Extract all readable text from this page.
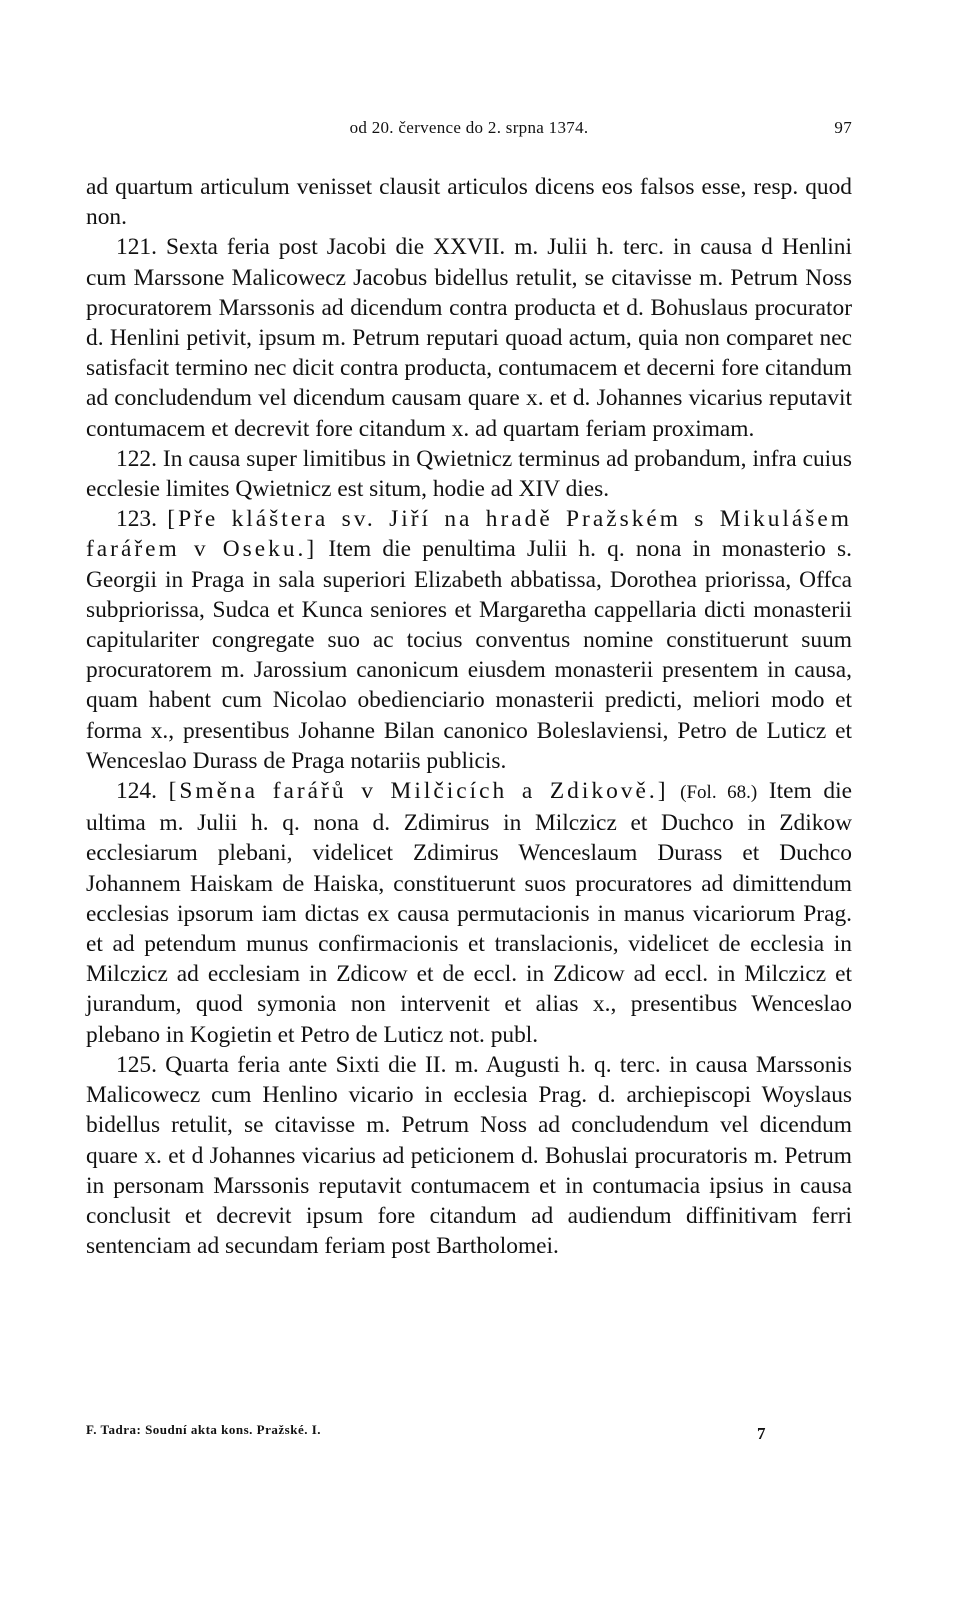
od 20. července do 2. srpna 1374.	97

ad quartum articulum venisset clausit articulos dicens eos falsos esse, resp. quod non.

121. Sexta feria post Jacobi die XXVII. m. Julii h. terc. in causa d Henlini cum Marssone Malicowecz Jacobus bidellus retulit, se citavisse m. Petrum Noss procuratorem Marssonis ad dicendum contra producta et d. Bohuslaus procurator d. Henlini petivit, ipsum m. Petrum reputari quoad actum, quia non comparet nec satisfacit termino nec dicit contra producta, contumacem et decerni fore citandum ad concludendum vel dicendum causam quare x. et d. Johannes vicarius reputavit contumacem et decrevit fore citandum x. ad quartam feriam proximam.

122. In causa super limitibus in Qwietnicz terminus ad probandum, infra cuius ecclesie limites Qwietnicz est situm, hodie ad XIV dies.

123. [Pře kláštera sv. Jiří na hradě Pražském s Mikulášem farářem v Oseku.] Item die penultima Julii h. q. nona in monasterio s. Georgii in Praga in sala superiori Elizabeth abbatissa, Dorothea priorissa, Offca subpriorissa, Sudca et Kunca seniores et Margaretha cappellaria dicti monasterii capitulariter congregate suo ac tocius conventus nomine constituerunt suum procuratorem m. Jarossium canonicum eiusdem monasterii presentem in causa, quam habent cum Nicolao obedienciario monasterii predicti, meliori modo et forma x., presentibus Johanne Bilan canonico Boleslaviensi, Petro de Luticz et Wenceslao Durass de Praga notariis publicis.

124. [Směna farářů v Milčicích a Zdikově.] (Fol. 68.) Item die ultima m. Julii h. q. nona d. Zdimirus in Milczicz et Duchco in Zdikow ecclesiarum plebani, videlicet Zdimirus Wenceslaum Durass et Duchco Johannem Haiskam de Haiska, constituerunt suos procuratores ad dimittendum ecclesias ipsorum iam dictas ex causa permutacionis in manus vicariorum Prag. et ad petendum munus confirmacionis et translacionis, videlicet de ecclesia in Milczicz ad ecclesiam in Zdicow et de eccl. in Zdicow ad eccl. in Milczicz et jurandum, quod symonia non intervenit et alias x., presentibus Wenceslao plebano in Kogietin et Petro de Luticz not. publ.

125. Quarta feria ante Sixti die II. m. Augusti h. q. terc. in causa Marssonis Malicowecz cum Henlino vicario in ecclesia Prag. d. archiepiscopi Woyslaus bidellus retulit, se citavisse m. Petrum Noss ad concludendum vel dicendum quare x. et d Johannes vicarius ad peticionem d. Bohuslai procuratoris m. Petrum in personam Marssonis reputavit contumacem et in contumacia ipsius in causa conclusit et decrevit ipsum fore citandum ad audiendum diffinitivam ferri sentenciam ad secundam feriam post Bartholomei.

F. Tadra: Soudní akta kons. Pražské. I.	7
